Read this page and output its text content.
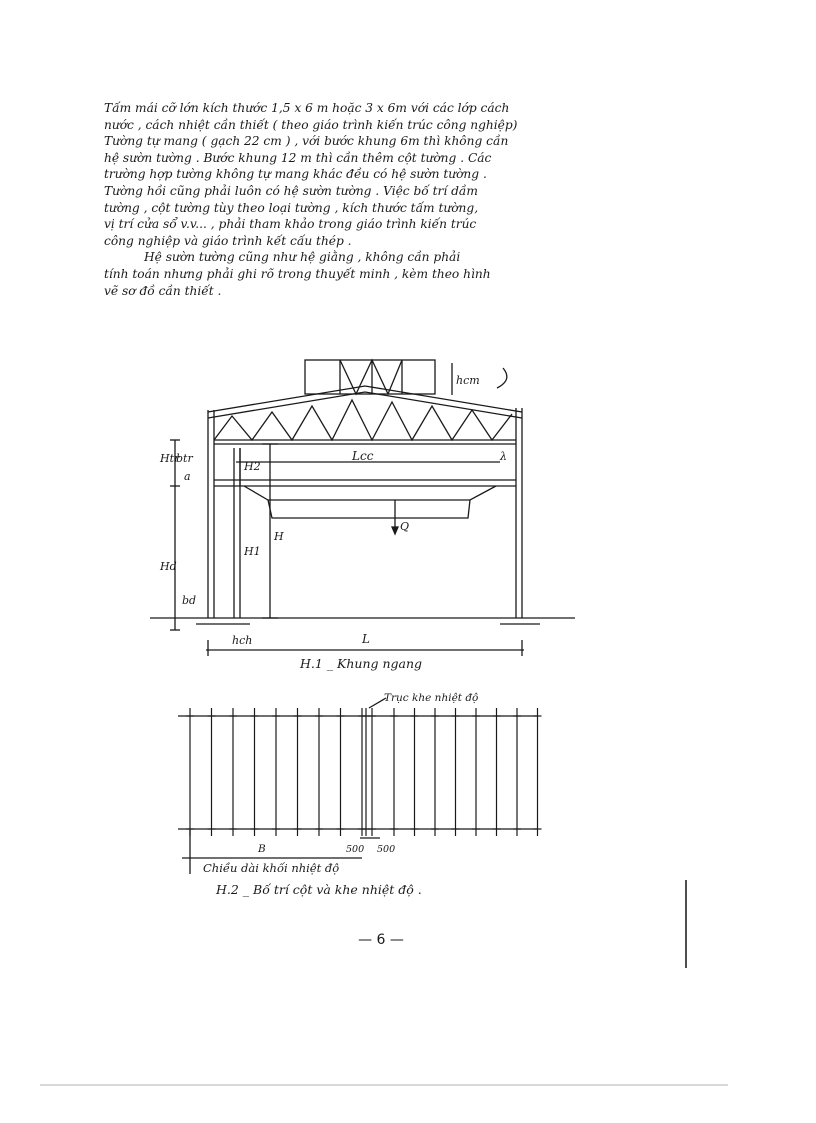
Tấm mái cỡ lớn kích thước 1,5 x 6 m hoặc 3 x 6m với các lớp cách
nước , cách nhiệt cần thiết ( theo giáo trình kiến trúc công nghiệp)
Tường tự mang ( gạch 22 cm ) , với bước khung 6m thì không cần
hệ sườn tường . Bước khung 12 m thì cần thêm cột tường . Các
trường hợp tường không tự mang khác đều có hệ sườn tường .
Tường hồi cũng phải luôn có hệ sườn tường . Việc bố trí dầm
tường , cột tường tùy theo loại tường , kích thước tấm tường,
vị trí cửa sổ v.v... , phải tham khảo trong giáo trình kiến trúc
công nghiệp và giáo trình kết cấu thép .
Hệ sườn tường cũng như hệ giằng , không cần phải
tính toán nhưng phải ghi rõ trong thuyết minh , kèm theo hình
vẽ sơ đồ cần thiết .
hcm
btr
a
Htr
H2
Lcc	λ
Q
H
Hd
H1
bd
hch	L
H.1 _ Khung ngang
Trục khe nhiệt độ
B	500 500
Chiều dài khối nhiệt độ
H.2 _ Bố trí cột và khe nhiệt độ .
— 6 —
